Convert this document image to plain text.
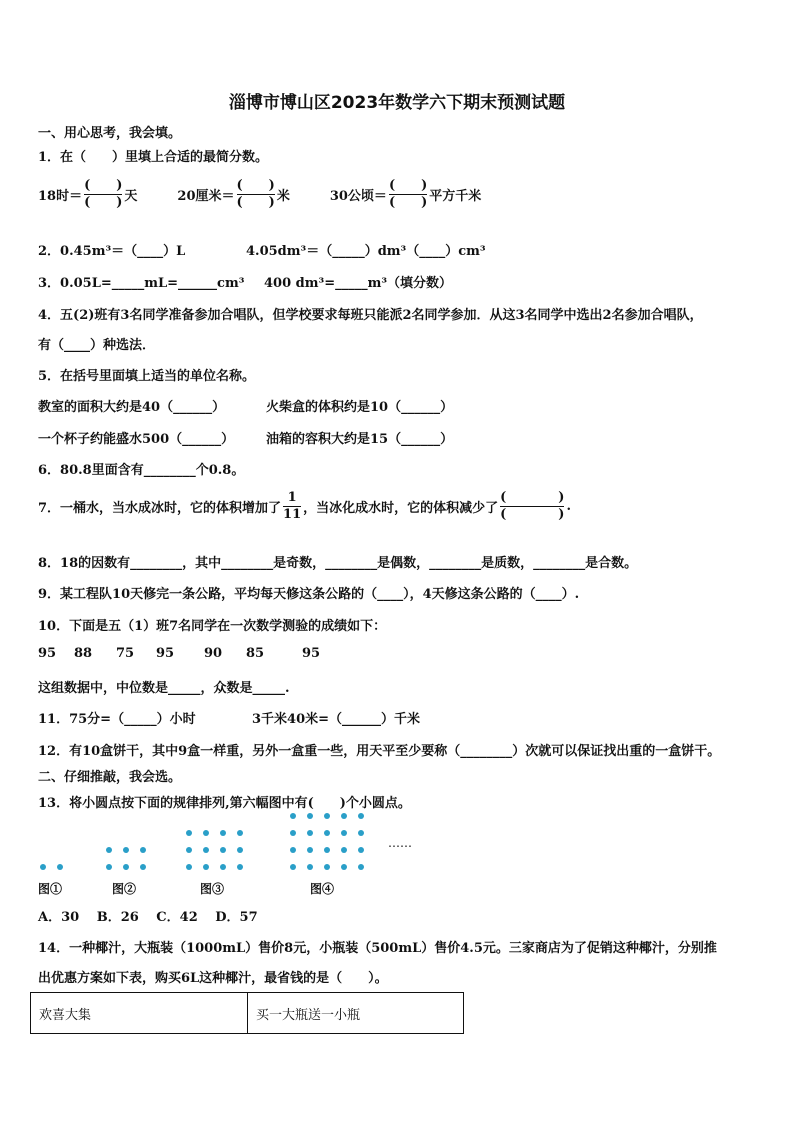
淄博市博山区2023年数学六下期末预测试题
一、用心思考，我会填。
1．在（　　）里填上合适的最简分数。
18时＝ $\frac{( )}{( )}$ 天	20厘米＝ $\frac{( )}{( )}$ 米	30公顷＝ $\frac{( )}{( )}$ 平方千米
2．0.45m³＝（____）L	4.05dm³＝（_____）dm³（____）cm³
3．0.05L=_____mL=______cm³ 400 dm³=_____m³（填分数）
4．五(2)班有3名同学准备参加合唱队，但学校要求每班只能派2名同学参加．从这3名同学中选出2名参加合唱队，
有（____）种选法．
5．在括号里面填上适当的单位名称。
教室的面积大约是40（______）	火柴盒的体积约是10（______）
一个杯子约能盛水500（______） 油箱的容积大约是15（______）
6．80.8里面含有________个0.8。
7．一桶水，当水成冰时，它的体积增加了 $\frac{1}{11}$ ，当冰化成水时，它的体积减少了 $\frac{( )}{( )}$ .
8．18的因数有________，其中________是奇数，________是偶数，________是质数，________是合数。
9．某工程队10天修完一条公路，平均每天修这条公路的（____），4天修这条公路的（____）.
10．下面是五（1）班7名同学在一次数学测验的成绩如下：
95 88 75 95 90 85	95
这组数据中，中位数是_____，众数是_____.
11．75分=（_____）小时	3千米40米=（______）千米
12．有10盒饼干，其中9盒一样重，另外一盒重一些，用天平至少要称（________）次就可以保证找出重的一盒饼干。
二、仔细推敲，我会选。
13．将小圆点按下面的规律排列,第六幅图中有(　　)个小圆点。
……
图①	图②	图③	图④
A．30　 B．26　 C．42　 D．57
14．一种椰汁，大瓶装（1000mL）售价8元，小瓶装（500mL）售价4.5元。三家商店为了促销这种椰汁，分别推
出优惠方案如下表，购买6L这种椰汁，最省钱的是（　　）。
欢喜大集	买一大瓶送一小瓶
